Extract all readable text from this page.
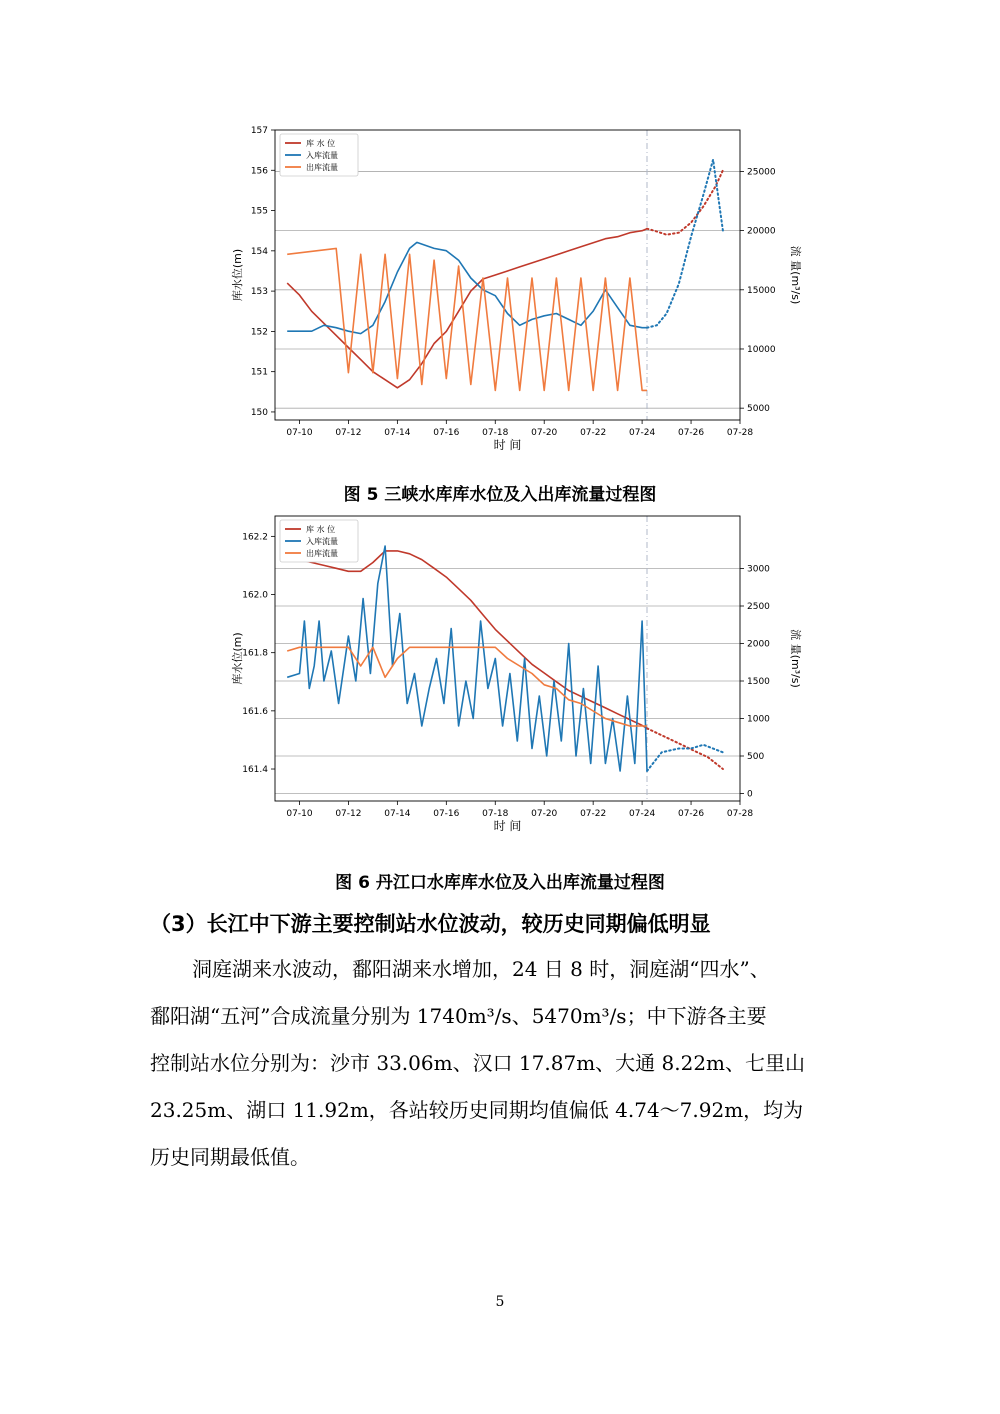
07-10	07-12	07-14	07-16	07-18	07-20	07-22	07-24	07-26	07-28
150
151
152
153
154
155
156
157
5000
10000
15000
20000
25000
时 间
库水位(m)	流 量(m³/s)
库 水 位
入库流量
出库流量
图 5 三峡水库库水位及入出库流量过程图
07-10	07-12	07-14	07-16	07-18	07-20	07-22	07-24	07-26	07-28
161.4
161.6
161.8
162.0
162.2
0
500
1000
1500
2000
2500
3000
时 间
库水位(m)	流 量(m³/s)
库 水 位
入库流量
出库流量
图 6 丹江口水库库水位及入出库流量过程图
（3）长江中下游主要控制站水位波动，较历史同期偏低明显
洞庭湖来水波动，鄱阳湖来水增加，24 日 8 时，洞庭湖“四水”、
鄱阳湖“五河”合成流量分别为 1740m³/s、5470m³/s；中下游各主要
控制站水位分别为：沙市 33.06m、汉口 17.87m、大通 8.22m、七里山
23.25m、湖口 11.92m，各站较历史同期均值偏低 4.74～7.92m，均为
历史同期最低值。
5
